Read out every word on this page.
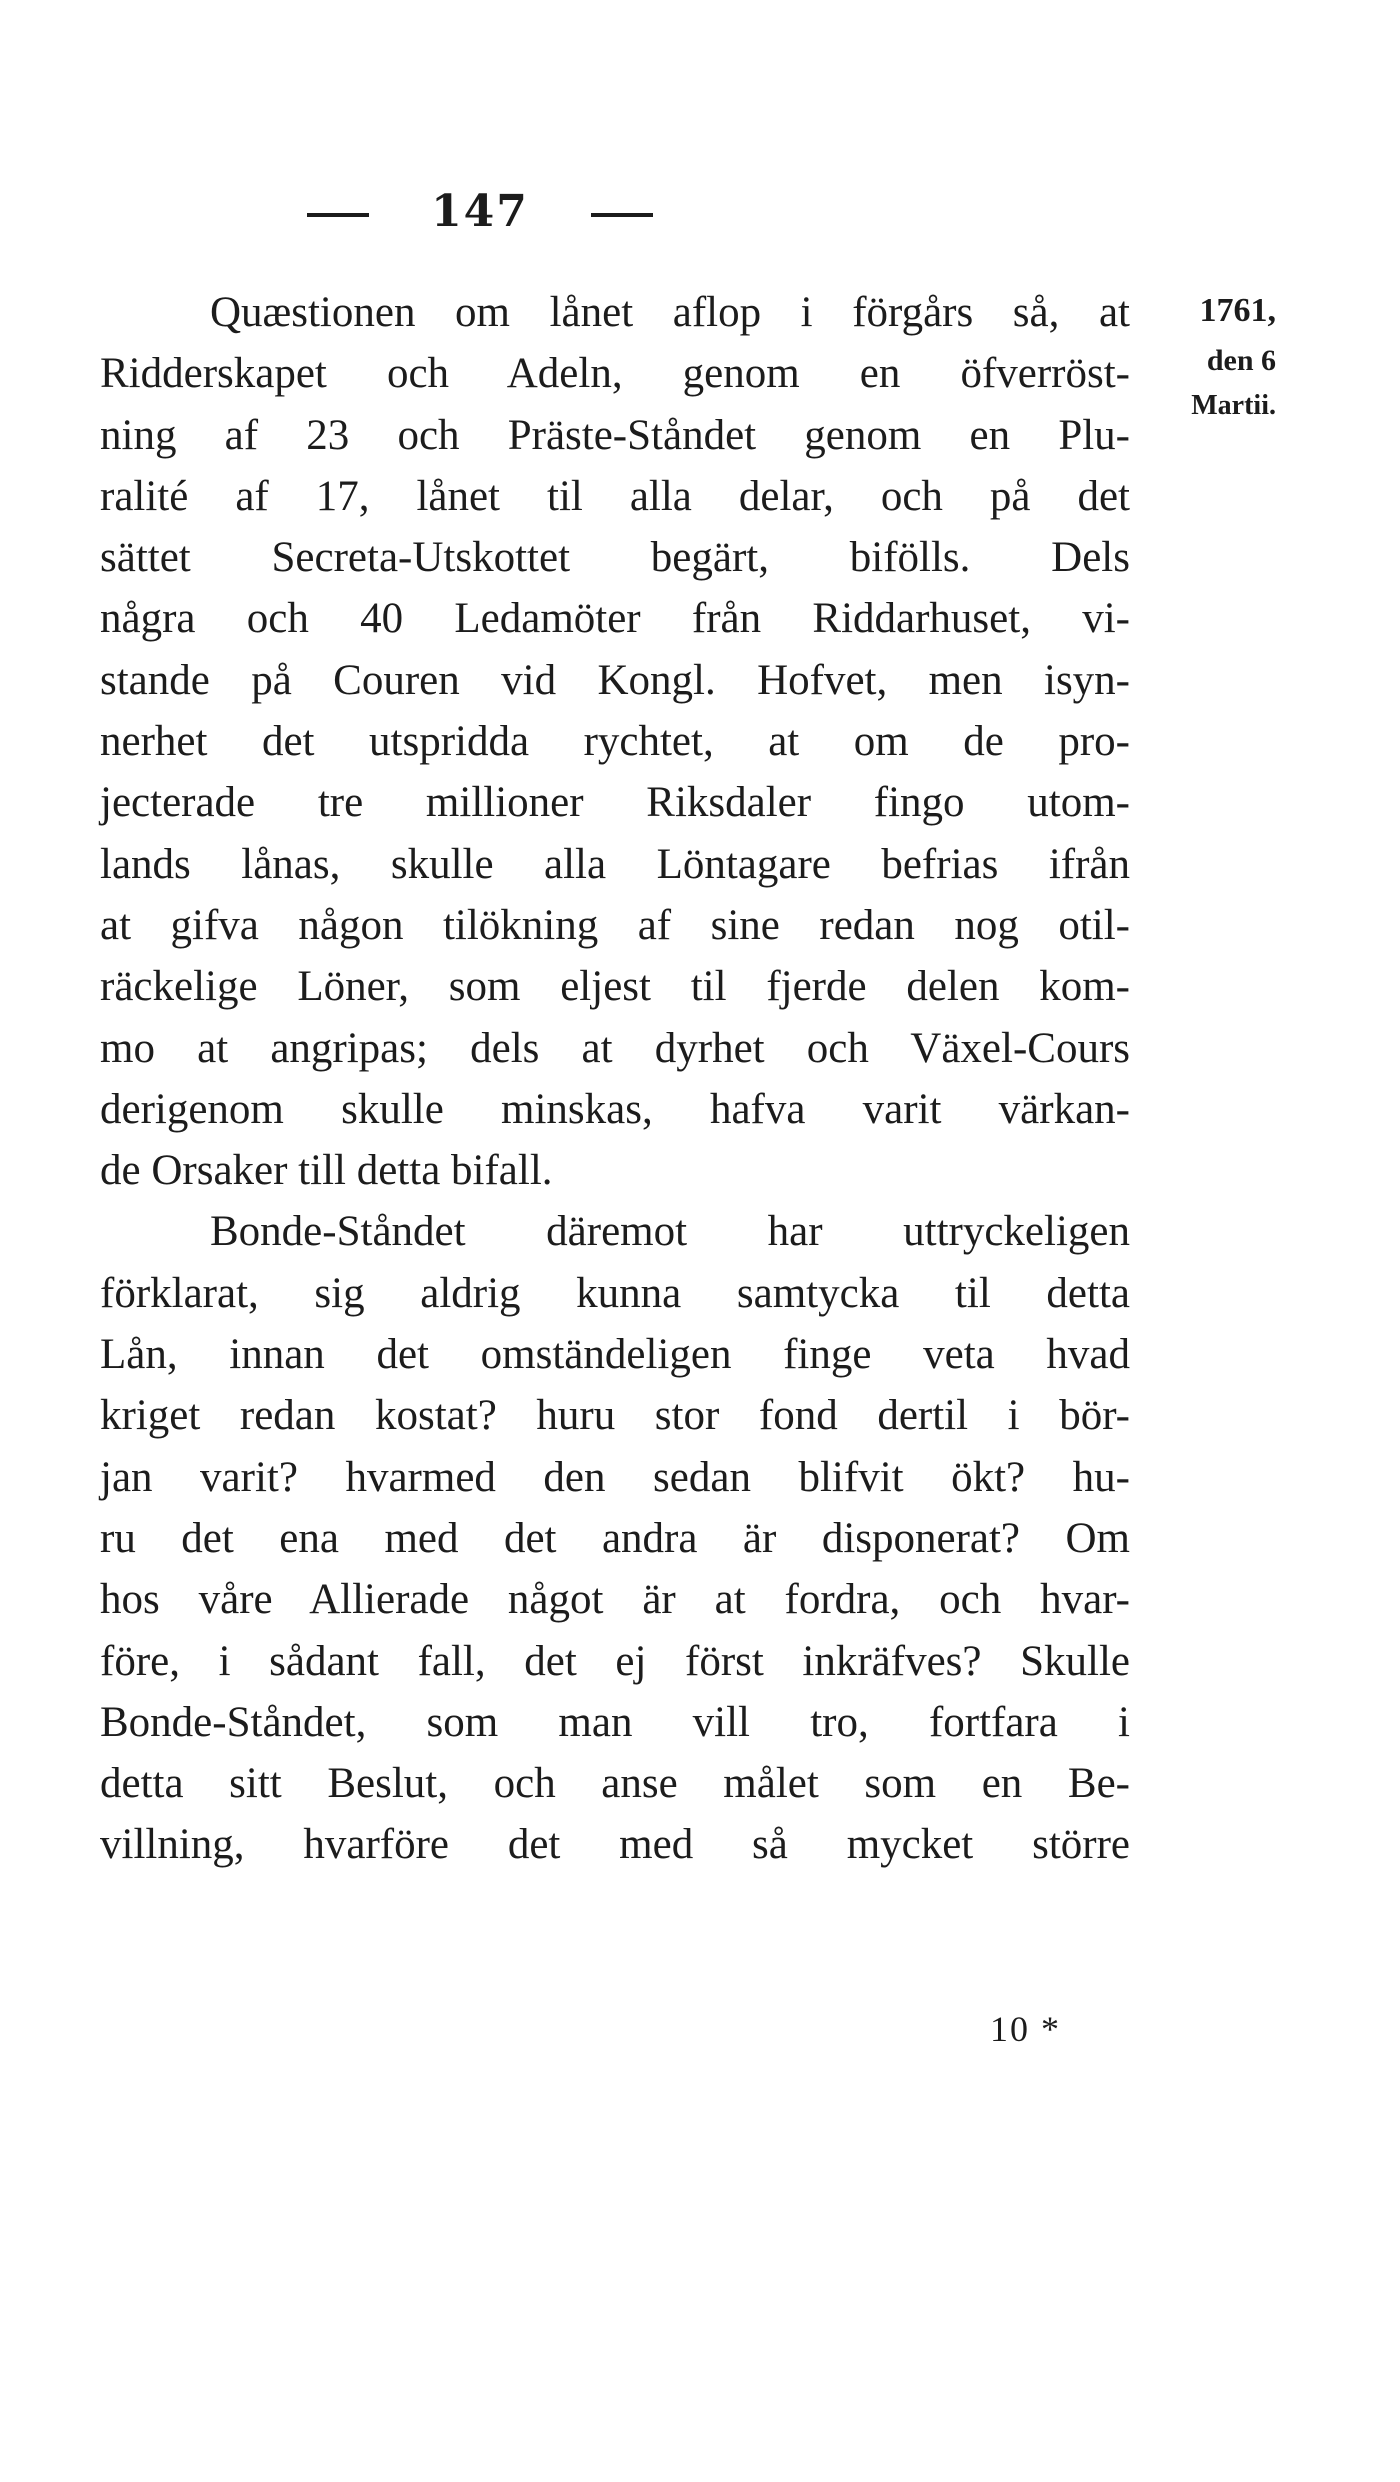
147
1761,
den 6
Martii.
Quæstionen om lånet aflop i förgårs så, at
Ridderskapet och Adeln, genom en öfverröst-
ning af 23 och Präste-Ståndet genom en Plu-
ralité af 17, lånet til alla delar, och på det
sättet Secreta-Utskottet begärt, bifölls. Dels
några och 40 Ledamöter från Riddarhuset, vi-
stande på Couren vid Kongl. Hofvet, men isyn-
nerhet det utspridda rychtet, at om de pro-
jecterade tre millioner Riksdaler fingo utom-
lands lånas, skulle alla Löntagare befrias ifrån
at gifva någon tilökning af sine redan nog otil-
räckelige Löner, som eljest til fjerde delen kom-
mo at angripas; dels at dyrhet och Växel-Cours
derigenom skulle minskas, hafva varit värkan-
de Orsaker till detta bifall.
Bonde-Ståndet däremot har uttryckeligen
förklarat, sig aldrig kunna samtycka til detta
Lån, innan det omständeligen finge veta hvad
kriget redan kostat? huru stor fond dertil i bör-
jan varit? hvarmed den sedan blifvit ökt? hu-
ru det ena med det andra är disponerat? Om
hos våre Allierade något är at fordra, och hvar-
före, i sådant fall, det ej först inkräfves? Skulle
Bonde-Ståndet, som man vill tro, fortfara i
detta sitt Beslut, och anse målet som en Be-
villning, hvarföre det med så mycket större
10 *
